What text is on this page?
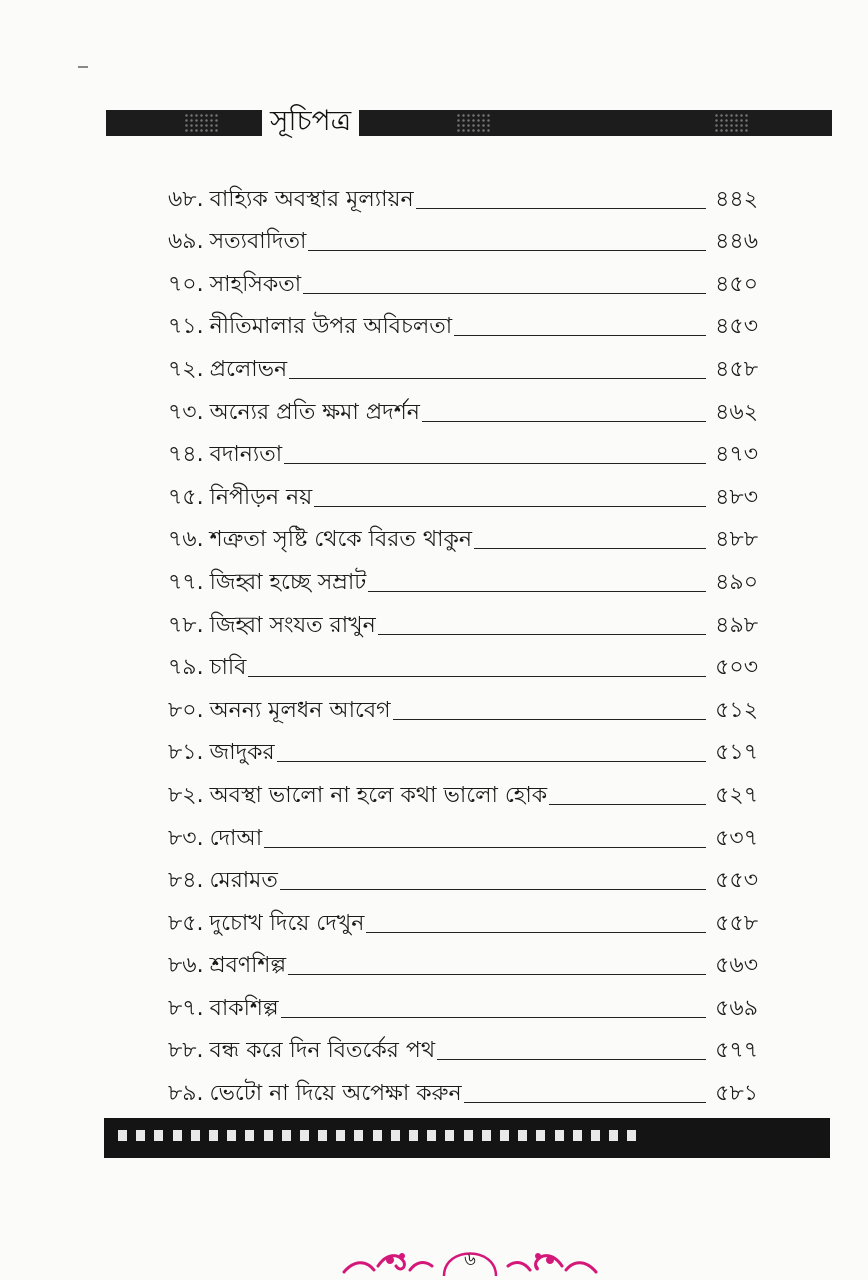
সূচিপত্র
৬৮. বাহ্যিক অবস্থার মূল্যায়ন	৪৪২
৬৯. সত্যবাদিতা	৪৪৬
৭০. সাহসিকতা	৪৫০
৭১. নীতিমালার উপর অবিচলতা	৪৫৩
৭২. প্রলোভন	৪৫৮
৭৩. অন্যের প্রতি ক্ষমা প্রদর্শন	৪৬২
৭৪. বদান্যতা	৪৭৩
৭৫. নিপীড়ন নয়	৪৮৩
৭৬. শত্রুতা সৃষ্টি থেকে বিরত থাকুন	৪৮৮
৭৭. জিহ্বা হচ্ছে সম্রাট	৪৯০
৭৮. জিহ্বা সংযত রাখুন	৪৯৮
৭৯. চাবি	৫০৩
৮০. অনন্য মূলধন আবেগ	৫১২
৮১. জাদুকর	৫১৭
৮২. অবস্থা ভালো না হলে কথা ভালো হোক	৫২৭
৮৩. দোআ	৫৩৭
৮৪. মেরামত	৫৫৩
৮৫. দুচোখ দিয়ে দেখুন	৫৫৮
৮৬. শ্রবণশিল্প	৫৬৩
৮৭. বাকশিল্প	৫৬৯
৮৮. বন্ধ করে দিন বিতর্কের পথ	৫৭৭
৮৯. ভেটো না দিয়ে অপেক্ষা করুন	৫৮১
৬
